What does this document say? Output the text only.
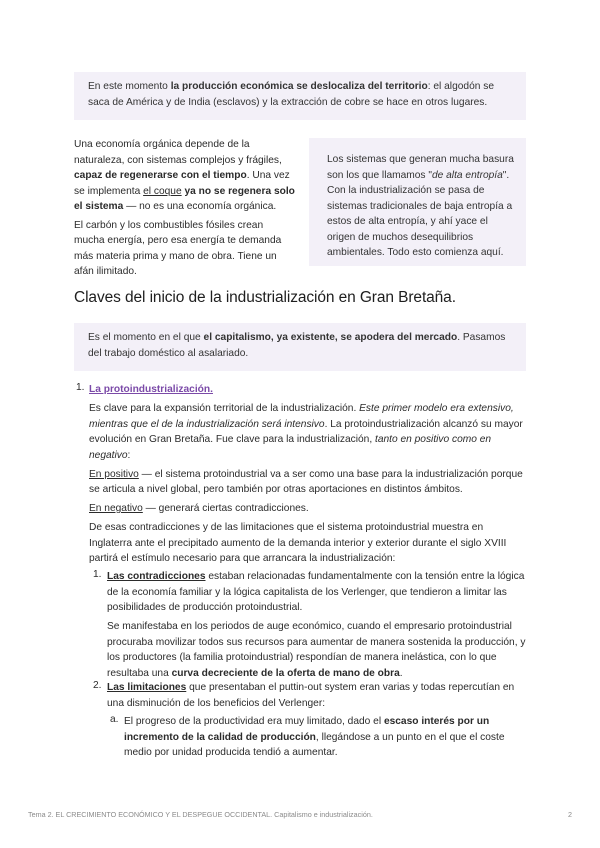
En este momento la producción económica se deslocaliza del territorio: el algodón se saca de América y de India (esclavos) y la extracción de cobre se hace en otros lugares.

Una economía orgánica depende de la naturaleza, con sistemas complejos y frágiles, capaz de regenerarse con el tiempo. Una vez se implementa el coque ya no se regenera solo el sistema — no es una economía orgánica.

El carbón y los combustibles fósiles crean mucha energía, pero esa energía te demanda más materia prima y mano de obra. Tiene un afán ilimitado.

Los sistemas que generan mucha basura son los que llamamos "de alta entropía". Con la industrialización se pasa de sistemas tradicionales de baja entropía a estos de alta entropía, y ahí yace el origen de muchos desequilibrios ambientales. Todo esto comienza aquí.

Claves del inicio de la industrialización en Gran Bretaña.

Es el momento en el que el capitalismo, ya existente, se apodera del mercado. Pasamos del trabajo doméstico al asalariado.

1. La protoindustrialización.

Es clave para la expansión territorial de la industrialización. Este primer modelo era extensivo, mientras que el de la industrialización será intensivo. La protoindustrialización alcanzó su mayor evolución en Gran Bretaña. Fue clave para la industrialización, tanto en positivo como en negativo:

En positivo — el sistema protoindustrial va a ser como una base para la industrialización porque se articula a nivel global, pero también por otras aportaciones en distintos ámbitos.

En negativo — generará ciertas contradicciones.

De esas contradicciones y de las limitaciones que el sistema protoindustrial muestra en Inglaterra ante el precipitado aumento de la demanda interior y exterior durante el siglo XVIII partirá el estímulo necesario para que arrancara la industrialización:

1. Las contradicciones estaban relacionadas fundamentalmente con la tensión entre la lógica de la economía familiar y la lógica capitalista de los Verlenger, que tendieron a limitar las posibilidades de producción protoindustrial.

Se manifestaba en los periodos de auge económico, cuando el empresario protoindustrial procuraba movilizar todos sus recursos para aumentar de manera sostenida la producción, y los productores (la familia protoindustrial) respondían de manera inelástica, con lo que resultaba una curva decreciente de la oferta de mano de obra.

2. Las limitaciones que presentaban el puttin-out system eran varias y todas repercutían en una disminución de los beneficios del Verlenger:

a. El progreso de la productividad era muy limitado, dado el escaso interés por un incremento de la calidad de producción, llegándose a un punto en el que el coste medio por unidad producida tendió a aumentar.

Tema 2. EL CRECIMIENTO ECONÓMICO Y EL DESPEGUE OCCIDENTAL. Capitalismo e industrialización.	2
